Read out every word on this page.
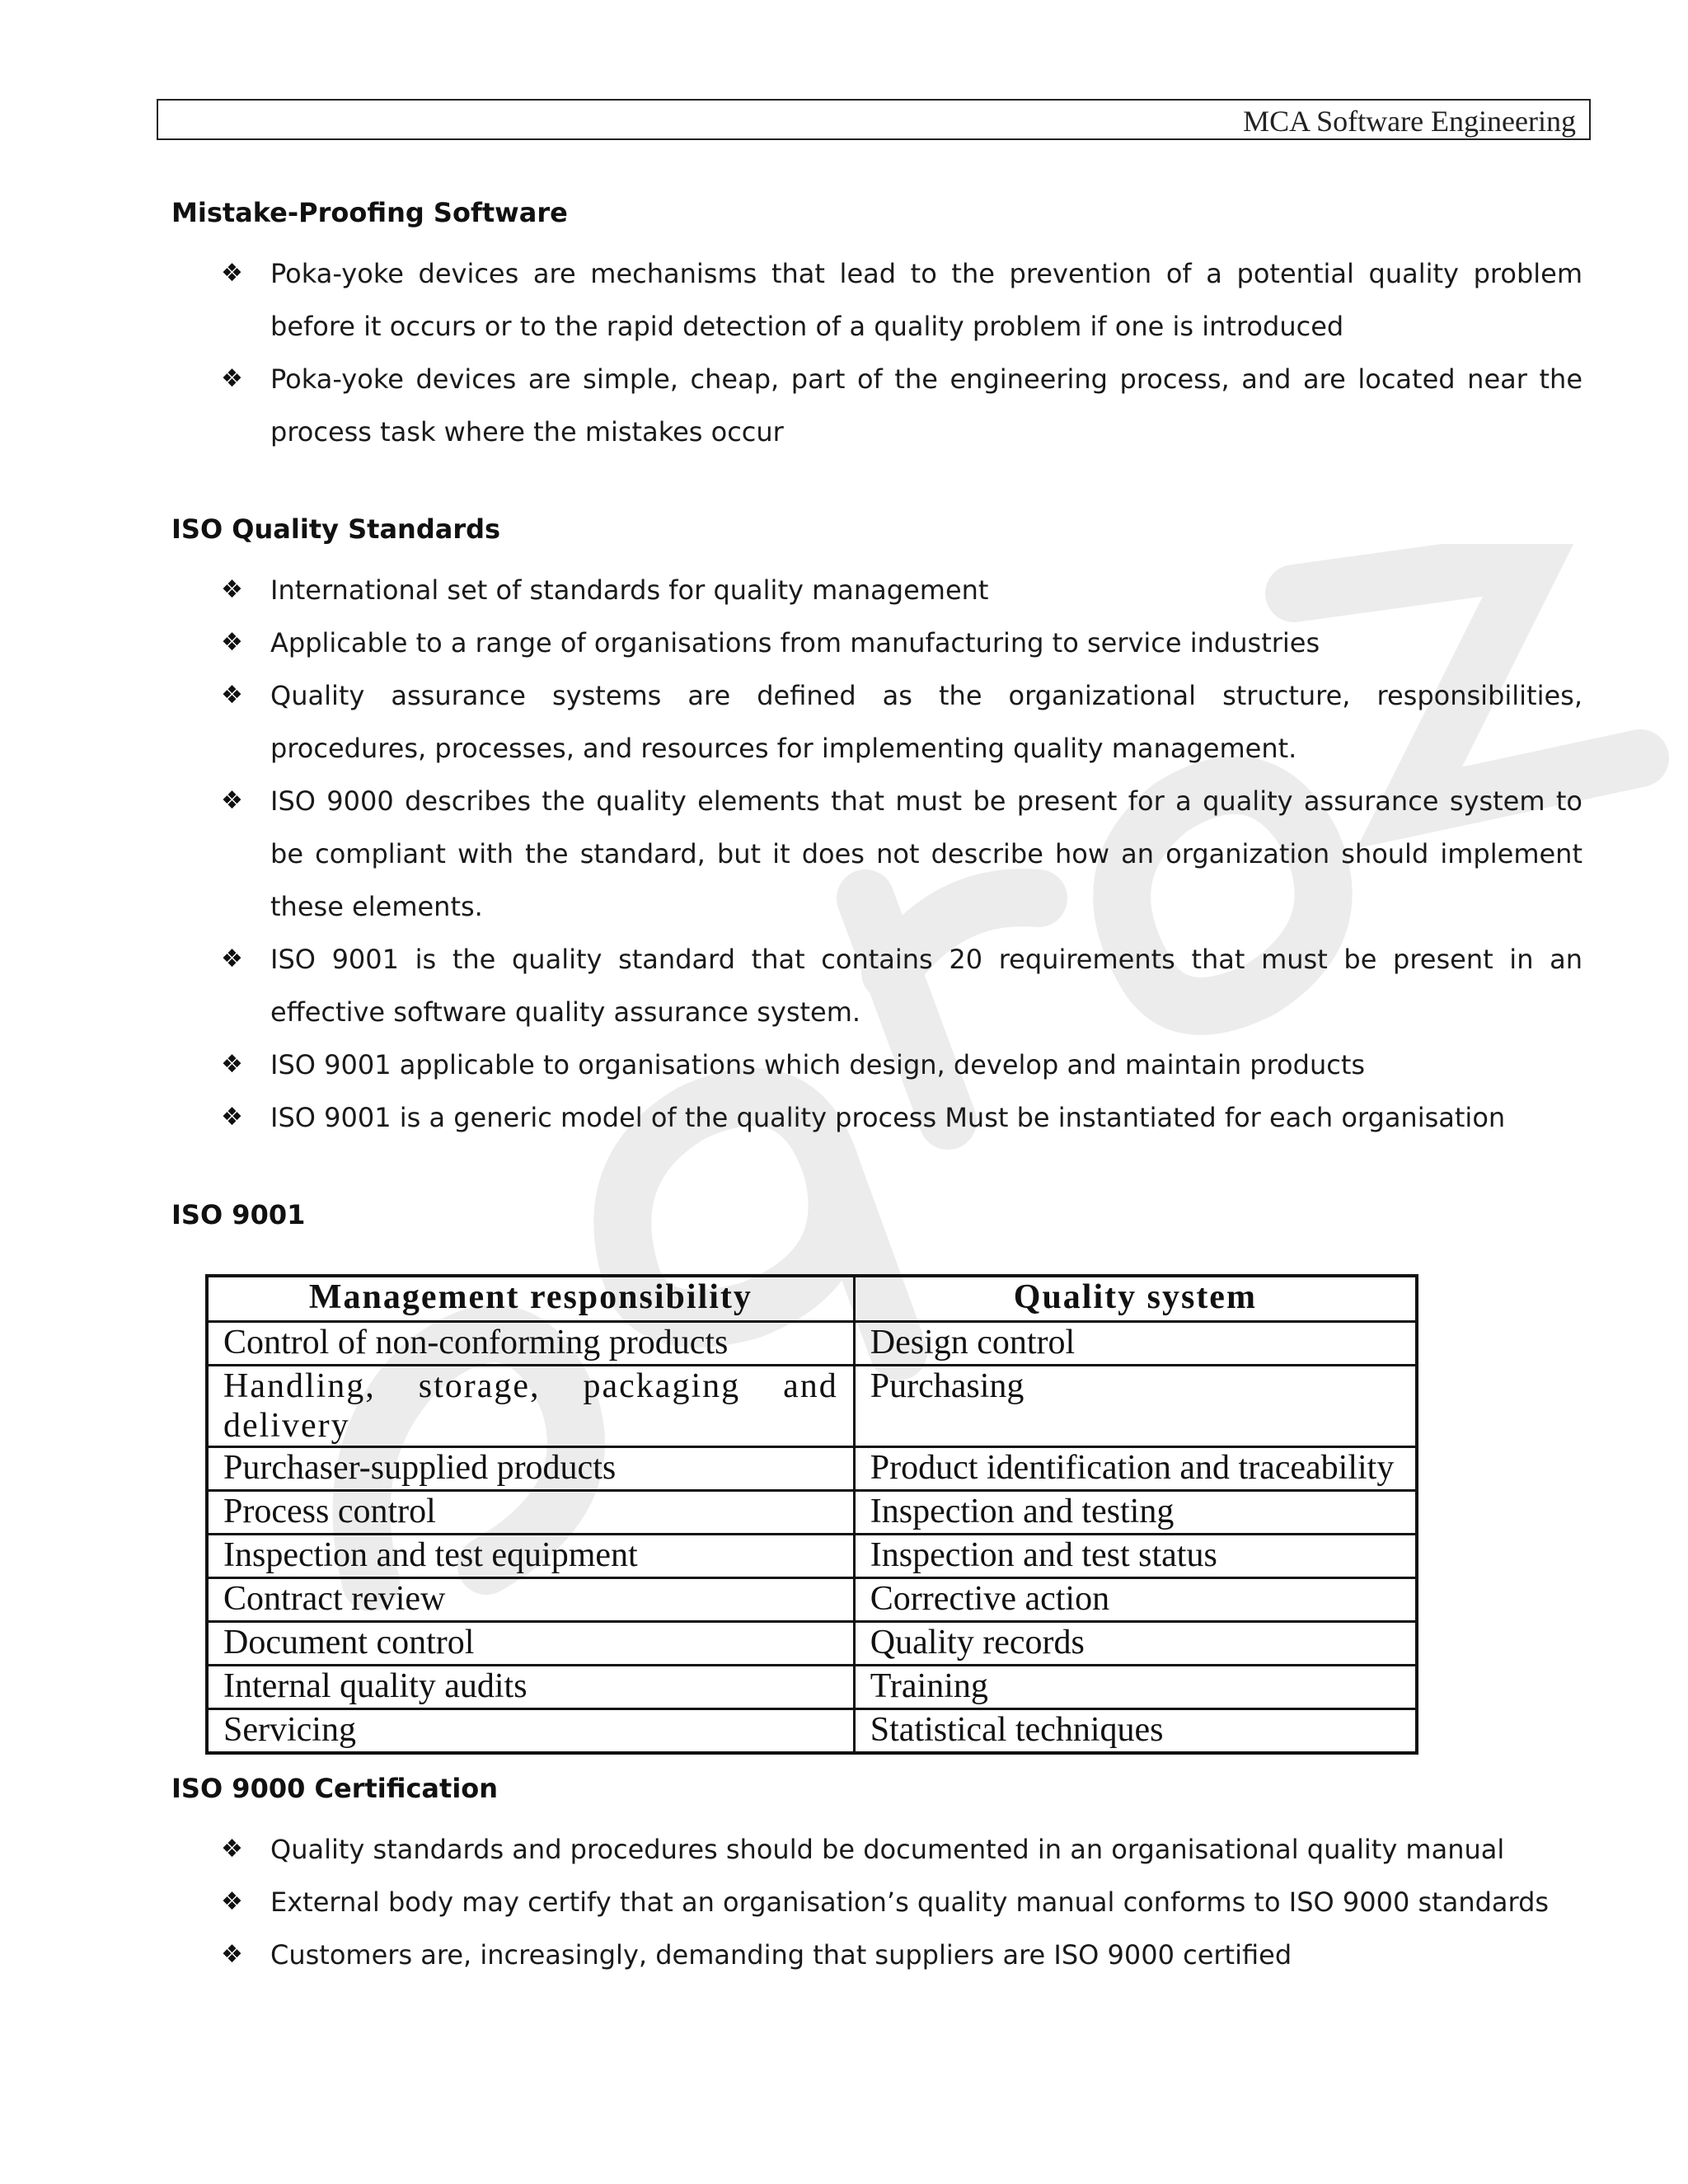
MCA Software Engineering
Mistake-Proofing Software
❖ Poka-yoke devices are mechanisms that lead to the prevention of a potential quality problem before it occurs or to the rapid detection of a quality problem if one is introduced
❖ Poka-yoke devices are simple, cheap, part of the engineering process, and are located near the process task where the mistakes occur
ISO Quality Standards
❖ International set of standards for quality management
❖ Applicable to a range of organisations from manufacturing to service industries
❖ Quality assurance systems are defined as the organizational structure, responsibilities, procedures, processes, and resources for implementing quality management.
❖ ISO 9000 describes the quality elements that must be present for a quality assurance system to be compliant with the standard, but it does not describe how an organization should implement these elements.
❖ ISO 9001 is the quality standard that contains 20 requirements that must be present in an effective software quality assurance system.
❖ ISO 9001 applicable to organisations which design, develop and maintain products
❖ ISO 9001 is a generic model of the quality process Must be instantiated for each organisation
ISO 9001
Management responsibility	Quality system
Control of non-conforming products	Design control
Handling, storage, packaging and delivery	Purchasing
Purchaser-supplied products	Product identification and traceability
Process control	Inspection and testing
Inspection and test equipment	Inspection and test status
Contract review	Corrective action
Document control	Quality records
Internal quality audits	Training
Servicing	Statistical techniques
ISO 9000 Certification
❖ Quality standards and procedures should be documented in an organisational quality manual
❖ External body may certify that an organisation’s quality manual conforms to ISO 9000 standards
❖ Customers are, increasingly, demanding that suppliers are ISO 9000 certified
